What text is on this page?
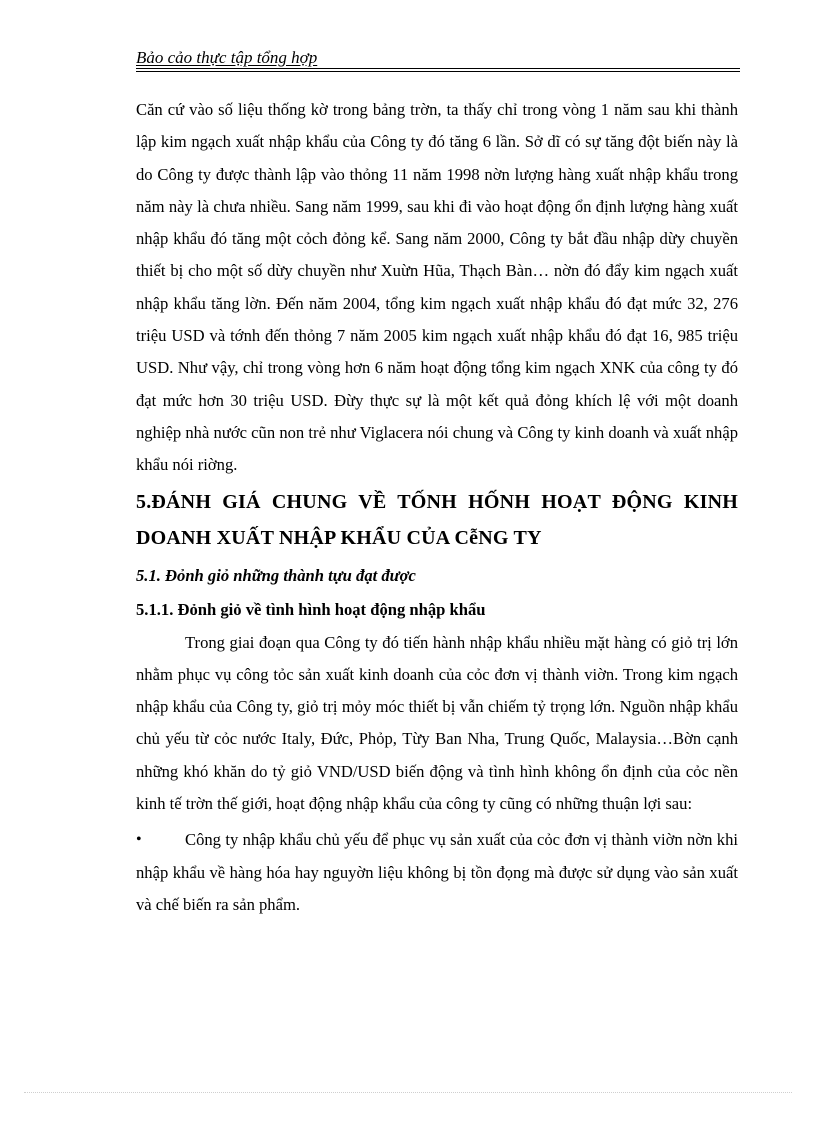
Bảo cảo thực tập tổng hợp

Căn cứ vào số liệu thống kờ trong bảng trờn, ta thấy chỉ trong vòng 1 năm sau khi thành lập kim ngạch xuất nhập khẩu của Công ty đó tăng 6 lần. Sở dĩ có sự tăng đột biến này là do Công ty được thành lập vào thỏng 11 năm 1998 nờn lượng hàng xuất nhập khẩu trong năm này là chưa nhiều. Sang năm 1999, sau khi đi vào hoạt động ổn định lượng hàng xuất nhập khẩu đó tăng một cỏch đỏng kể. Sang năm 2000, Công ty bắt đầu nhập dừy chuyền thiết bị cho một số dừy chuyền như Xuừn Hũa, Thạch Bàn… nờn đó đẩy kim ngạch xuất nhập khẩu tăng lờn. Đến năm 2004, tổng kim ngạch xuất nhập khẩu đó đạt mức 32, 276 triệu USD và tớnh đến thỏng 7 năm 2005 kim ngạch xuất nhập khẩu đó đạt 16, 985 triệu USD. Như vậy, chỉ trong vòng hơn 6 năm hoạt động tổng kim ngạch XNK của công ty đó đạt mức hơn 30 triệu USD. Đừy thực sự là một kết quả đỏng khích lệ với một doanh nghiệp nhà nước cũn non trẻ như Viglacera nói chung và Công ty kinh doanh và xuất nhập khẩu nói riờng.

5.ĐÁNH GIÁ CHUNG VỀ TỐNH HỐNH HOẠT ĐỘNG KINH DOANH XUẤT NHẬP KHẨU CỦA CễNG TY
5.1. Đỏnh giỏ những thành tựu đạt được
5.1.1. Đỏnh giỏ về tình hình hoạt động nhập khẩu

Trong giai đoạn qua Công ty đó tiến hành nhập khẩu nhiều mặt hàng có giỏ trị lớn nhằm phục vụ công tỏc sản xuất kinh doanh của cỏc đơn vị thành viờn. Trong kim ngạch nhập khẩu của Công ty, giỏ trị mỏy móc thiết bị vẫn chiếm tỷ trọng lớn. Nguồn nhập khẩu chủ yếu từ cỏc nước Italy, Đức, Phỏp, Từy Ban Nha, Trung Quốc, Malaysia…Bờn cạnh những khó khăn do tỷ giỏ VND/USD biến động và tình hình không ổn định của cỏc nền kinh tế trờn thế giới, hoạt động nhập khẩu của công ty cũng có những thuận lợi sau:

•	Công ty nhập khẩu chủ yếu để phục vụ sản xuất của cỏc đơn vị thành viờn nờn khi nhập khẩu về hàng hóa hay nguyờn liệu không bị tồn đọng mà được sử dụng vào sản xuất và chế biến ra sản phẩm.
